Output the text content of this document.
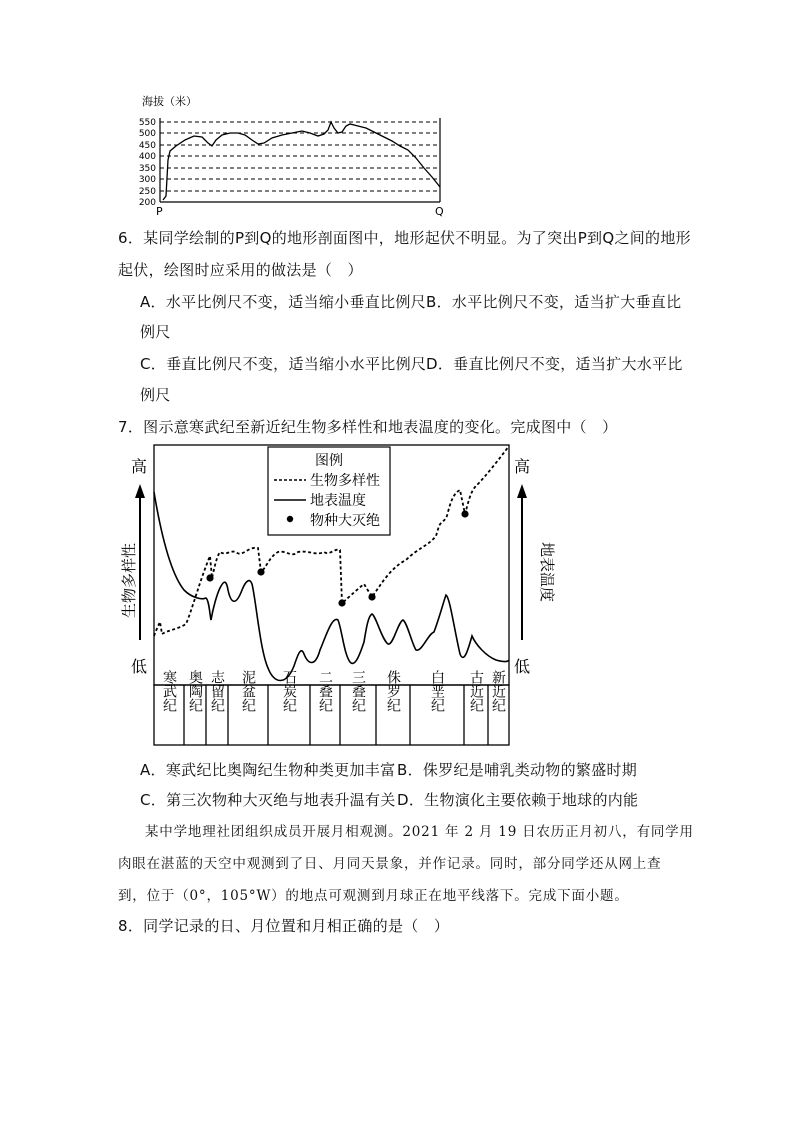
海拔（米）
550
500
450
400
350
300
250
200
P	Q
6．某同学绘制的P到Q的地形剖面图中，地形起伏不明显。为了突出P到Q之间的地形
起伏，绘图时应采用的做法是（　）
A．水平比例尺不变，适当缩小垂直比例尺 B．水平比例尺不变，适当扩大垂直比
例尺
C．垂直比例尺不变，适当缩小水平比例尺 D．垂直比例尺不变，适当扩大水平比
例尺
7．图示意寒武纪至新近纪生物多样性和地表温度的变化。完成图中（　）
高
生物多样性
低
高
地表温度
低
图例
生物多样性
地表温度
物种大灭绝
寒武纪 奥陶纪 志留纪 泥盆纪 石炭纪 二叠纪 三叠纪 侏罗纪 白垩纪 古近纪 新近纪
A．寒武纪比奥陶纪生物种类更加丰富 B．侏罗纪是哺乳类动物的繁盛时期
C．第三次物种大灭绝与地表升温有关 D．生物演化主要依赖于地球的内能
某中学地理社团组织成员开展月相观测。2021 年 2 月 19 日农历正月初八，有同学用
肉眼在湛蓝的天空中观测到了日、月同天景象，并作记录。同时，部分同学还从网上查
到，位于（0°，105°W）的地点可观测到月球正在地平线落下。完成下面小题。
8．同学记录的日、月位置和月相正确的是（　）
